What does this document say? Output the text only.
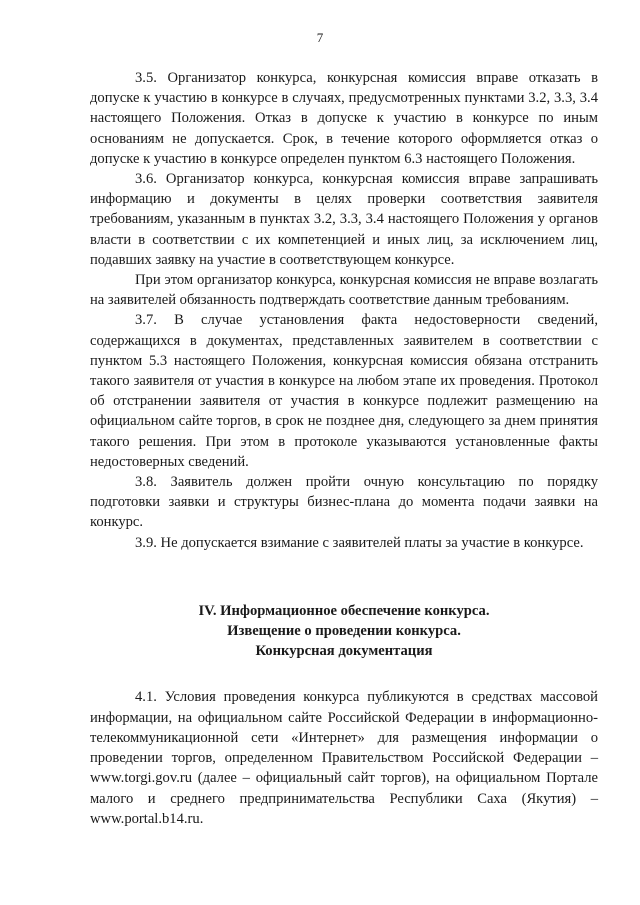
7

3.5. Организатор конкурса, конкурсная комиссия вправе отказать в допуске к участию в конкурсе в случаях, предусмотренных пунктами 3.2, 3.3, 3.4 настоящего Положения. Отказ в допуске к участию в конкурсе по иным основаниям не допускается. Срок, в течение которого оформляется отказ о допуске к участию в конкурсе определен пунктом 6.3 настоящего Положения.

3.6. Организатор конкурса, конкурсная комиссия вправе запрашивать информацию и документы в целях проверки соответствия заявителя требованиям, указанным в пунктах 3.2, 3.3, 3.4 настоящего Положения у органов власти в соответствии с их компетенцией и иных лиц, за исключением лиц, подавших заявку на участие в соответствующем конкурсе.

При этом организатор конкурса, конкурсная комиссия не вправе возлагать на заявителей обязанность подтверждать соответствие данным требованиям.

3.7. В случае установления факта недостоверности сведений, содержащихся в документах, представленных заявителем в соответствии с пунктом 5.3 настоящего Положения, конкурсная комиссия обязана отстранить такого заявителя от участия в конкурсе на любом этапе их проведения. Протокол об отстранении заявителя от участия в конкурсе подлежит размещению на официальном сайте торгов, в срок не позднее дня, следующего за днем принятия такого решения. При этом в протоколе указываются установленные факты недостоверных сведений.

3.8. Заявитель должен пройти очную консультацию по порядку подготовки заявки и структуры бизнес-плана до момента подачи заявки на конкурс.

3.9. Не допускается взимание с заявителей платы за участие в конкурсе.

IV. Информационное обеспечение конкурса.
Извещение о проведении конкурса.
Конкурсная документация

4.1. Условия проведения конкурса публикуются в средствах массовой информации, на официальном сайте Российской Федерации в информационно-телекоммуникационной сети «Интернет» для размещения информации о проведении торгов, определенном Правительством Российской Федерации – www.torgi.gov.ru (далее – официальный сайт торгов), на официальном Портале малого и среднего предпринимательства Республики Саха (Якутия) – www.portal.b14.ru.
